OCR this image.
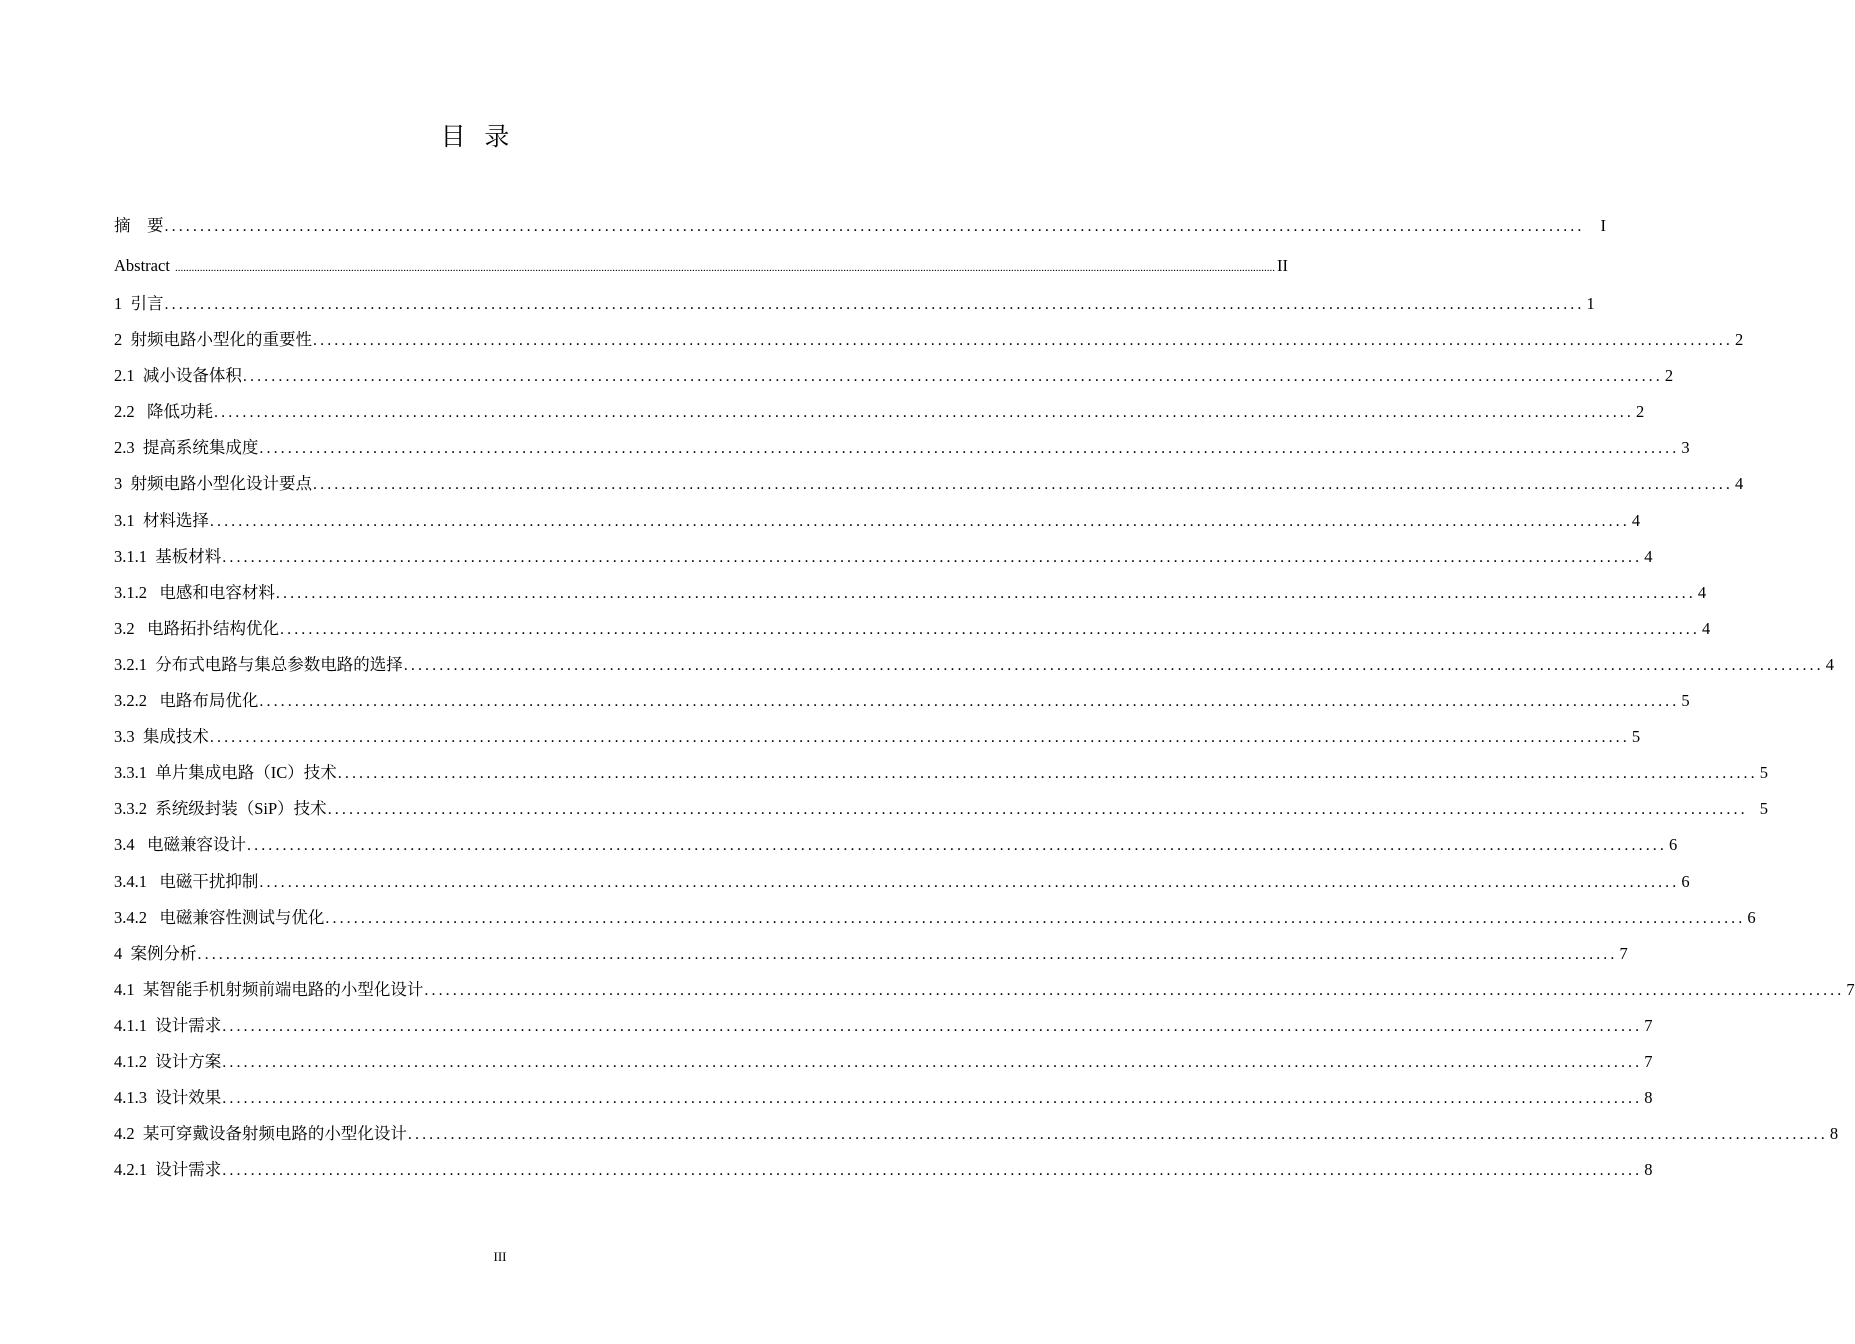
目   录
摘    要 ........................................................................................................................................................................................................ I
Abstract ................................................................................................................................................................................................................................................................................................................................................................................................................ II
1  引言 ........................................................................................................................................................................................................ 1
2  射频电路小型化的重要性 ........................................................................................................................................................................................................ 2
2.1  减小设备体积 ........................................................................................................................................................................................................ 2
2.2   降低功耗 ........................................................................................................................................................................................................ 2
2.3  提高系统集成度 ........................................................................................................................................................................................................ 3
3  射频电路小型化设计要点 ........................................................................................................................................................................................................ 4
3.1  材料选择 ........................................................................................................................................................................................................ 4
3.1.1  基板材料 ........................................................................................................................................................................................................ 4
3.1.2   电感和电容材料 ........................................................................................................................................................................................................ 4
3.2   电路拓扑结构优化 ........................................................................................................................................................................................................ 4
3.2.1  分布式电路与集总参数电路的选择 ........................................................................................................................................................................................................ 4
3.2.2   电路布局优化 ........................................................................................................................................................................................................ 5
3.3  集成技术 ........................................................................................................................................................................................................ 5
3.3.1  单片集成电路（IC）技术 ........................................................................................................................................................................................................ 5
3.3.2  系统级封装（SiP）技术 ........................................................................................................................................................................................................ 5
3.4   电磁兼容设计 ........................................................................................................................................................................................................ 6
3.4.1   电磁干扰抑制 ........................................................................................................................................................................................................ 6
3.4.2   电磁兼容性测试与优化 ........................................................................................................................................................................................................ 6
4  案例分析 ........................................................................................................................................................................................................ 7
4.1  某智能手机射频前端电路的小型化设计 ........................................................................................................................................................................................................ 7
4.1.1  设计需求 ........................................................................................................................................................................................................ 7
4.1.2  设计方案 ........................................................................................................................................................................................................ 7
4.1.3  设计效果 ........................................................................................................................................................................................................ 8
4.2  某可穿戴设备射频电路的小型化设计 ........................................................................................................................................................................................................ 8
4.2.1  设计需求 ........................................................................................................................................................................................................ 8
III
